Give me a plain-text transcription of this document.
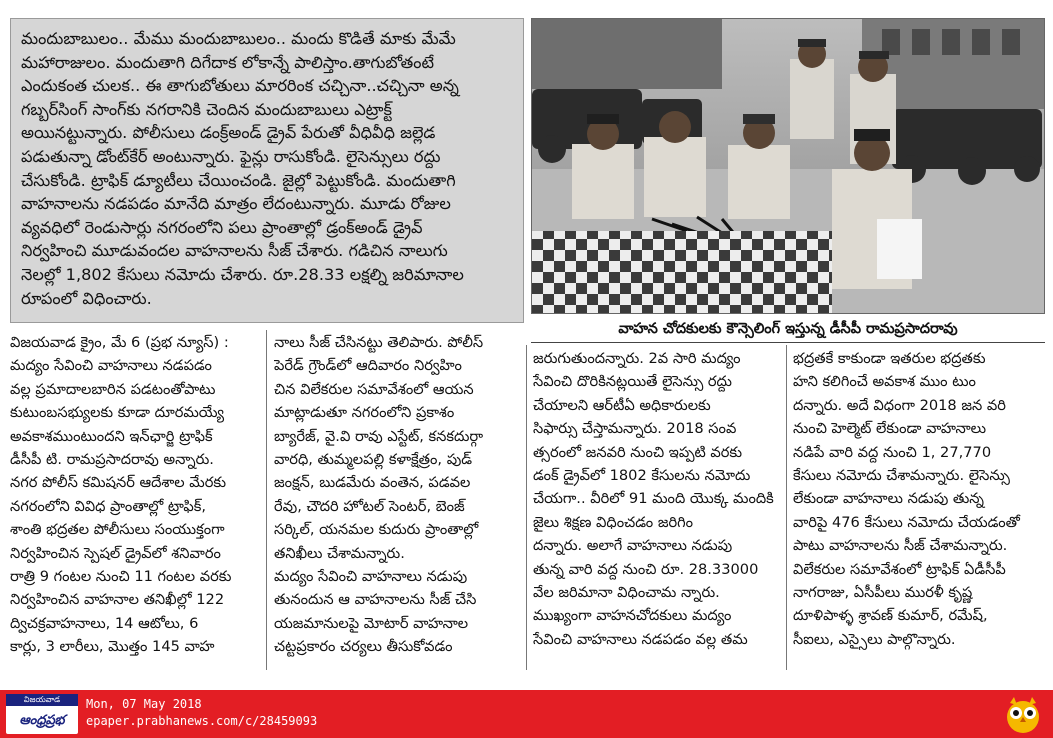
మందుబాబులం.. మేము మందుబాబులం.. మందు కొడితే మాకు మేమే
మహారాజులం. మందుతాగి దిగేదాక లోకాన్నే పాలిస్తాం.తాగుబోతంటే
ఎందుకంత చులక.. ఈ తాగుబోతులు మారరింక చచ్చినా..చచ్చినా అన్న
గబ్బర్‌సింగ్ సాంగ్‌కు నగరానికి చెందిన మందుబాబులు ఎట్రాక్ట్
అయినట్టున్నారు. పోలీసులు డంక్ర్‌అండ్ డ్రైవ్ పేరుతో వీధివీధి జల్లెడ
పడుతున్నా డోంట్‌కేర్ అంటున్నారు. ఫైన్లు రాసుకోండి. లైసెన్సులు రద్దు
చేసుకోండి. ట్రాఫిక్ డ్యూటీలు చేయించండి. జైల్లో పెట్టుకోండి. మందుతాగి
వాహనాలను నడపడం మానేది మాత్రం లేదంటున్నారు. మూడు రోజుల
వ్యవధిలో రెండుసార్లు నగరంలోని పలు ప్రాంతాల్లో డ్రంక్‌అండ్ డ్రైవ్
నిర్వహించి మూడువందల వాహనాలను సీజ్ చేశారు. గడిచిన నాలుగు
నెలల్లో 1,802 కేసులు నమోదు చేశారు. రూ.28.33 లక్షల్ని జరిమానాల
రూపంలో విధించారు.

వాహన చోదకులకు కౌన్సెలింగ్ ఇస్తున్న డీసీపీ రామప్రసాదరావు

విజయవాడ క్రైం, మే 6 (ప్రభ న్యూస్) :
మద్యం సేవించి వాహనాలు నడపడం
వల్ల ప్రమాదాలబారిన పడటంతోపాటు
కుటుంబసభ్యులకు కూడా దూరమయ్యే
అవకాశముంటుందని ఇన్‌ఛార్జి ట్రాఫిక్
డీసీపీ టి. రామప్రసాదరావు అన్నారు.
నగర పోలీస్ కమిషనర్ ఆదేశాల మేరకు
నగరంలోని వివిధ ప్రాంతాల్లో ట్రాఫిక్,
శాంతి భద్రతల పోలీసులు సంయుక్తంగా
నిర్వహించిన స్పెషల్ డ్రైవ్‌లో శనివారం
రాత్రి 9 గంటల నుంచి 11 గంటల వరకు
నిర్వహించిన వాహనాల తనిఖీల్లో 122
ద్విచక్రవాహనాలు, 14 ఆటోలు, 6
కార్లు, 3 లారీలు, మొత్తం 145 వాహ
నాలు సీజ్ చేసినట్టు తెలిపారు. పోలీస్
పెరేడ్ గ్రౌండ్‌లో ఆదివారం నిర్వహిం
చిన విలేకరుల సమావేశంలో ఆయన
మాట్లాడుతూ నగరంలోని ప్రకాశం
బ్యారేజ్, వై.వి రావు ఎస్టేట్, కనకదుర్గా
వారధి, తుమ్మలపల్లి కళాక్షేత్రం, పుడ్
జంక్షన్, బుడమేరు వంతెన, పడవల
రేవు, చౌదరి హోటల్ సెంటర్, బెంజ్
సర్కిల్, యనమల కుదురు ప్రాంతాల్లో
తనిఖీలు చేశామన్నారు.
మద్యం సేవించి వాహనాలు నడుపు
తునందున ఆ వాహనాలను సీజ్ చేసి
యజమానులపై మోటార్ వాహనాల
చట్టప్రకారం చర్యలు తీసుకోవడం
జరుగుతుందన్నారు. 2వ సారి మద్యం
సేవించి దొరికినట్లయితే లైసెన్సు రద్దు
చేయాలని ఆర్‌టీఏ అధికారులకు
సిఫార్సు చేస్తామన్నారు. 2018 సంవ
త్సరంలో జనవరి నుంచి ఇప్పటి వరకు
డంక్ డ్రైవ్‌లో 1802 కేసులను నమోదు
చేయగా.. వీరిలో 91 మంది యొక్క మందికి
జైలు శిక్షణ విధించడం జరిగిం
దన్నారు. అలాగే వాహనాలు నడుపు
తున్న వారి వద్ద నుంచి రూ. 28.33000
వేల జరిమానా విధించామ న్నారు.
ముఖ్యంగా వాహనచోదకులు మద్యం
సేవించి వాహనాలు నడపడం వల్ల తమ
భద్రతకే కాకుండా ఇతరుల భద్రతకు
హని కలిగించే అవకాశ ముం టుం
దన్నారు. అదే విధంగా 2018 జన వరి
నుంచి హెల్మెట్ లేకుండా వాహనాలు
నడిపే వారి వద్ద నుంచి 1, 27,770
కేసులు నమోదు చేశామన్నారు. లైసెన్సు
లేకుండా వాహనాలు నడుపు తున్న
వారిపై 476 కేసులు నమోదు చేయడంతో
పాటు వాహనాలను సీజ్ చేశామన్నారు.
విలేకరుల సమావేశంలో ట్రాఫిక్ ఏడీసీపీ
నాగరాజు, ఏసీపీలు మురళీ కృష్ణ
దూళిపాళ్ళ శ్రావణ్ కుమార్, రమేష్,
సీఐలు, ఎస్సైలు పాల్గొన్నారు.
విజయవాడ
ఆంధ్రప్రభ

Mon, 07 May 2018

epaper.prabhanews.com/c/28459093
